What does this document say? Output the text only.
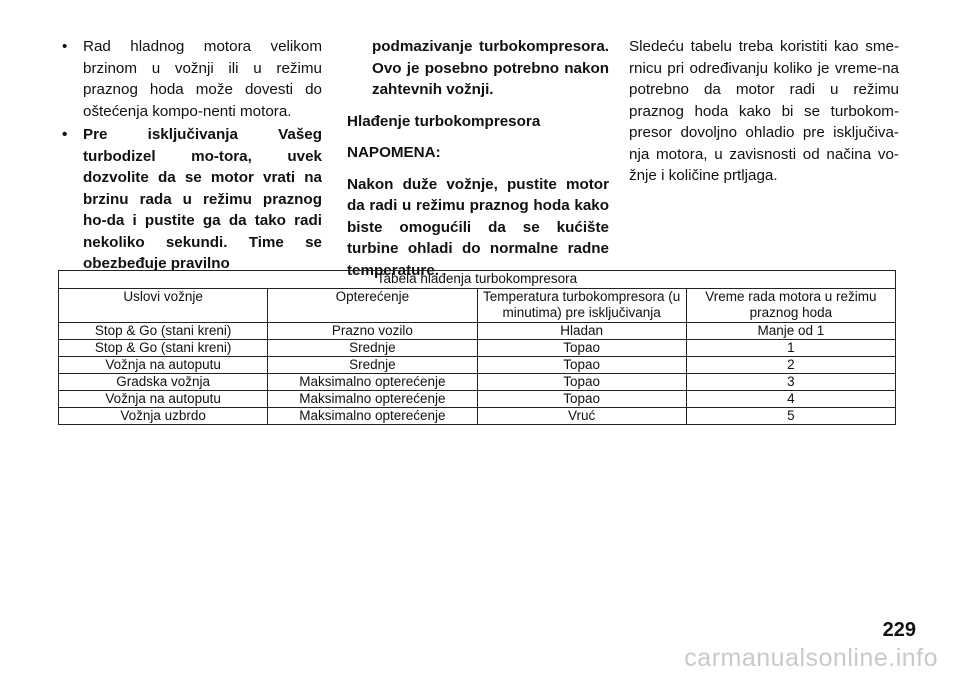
• Rad hladnog motora velikom brzinom u vožnji ili u režimu praznog hoda može dovesti do oštećenja kompo-nenti motora.
• Pre isključivanja Vašeg turbodizel mo-tora, uvek dozvolite da se motor vrati na brzinu rada u režimu praznog ho-da i pustite ga da tako radi nekoliko sekundi. Time se obezbeđuje pravilno
podmazivanje turbokompresora. Ovo je posebno potrebno nakon zahtevnih vožnji.
Hlađenje turbokompresora
NAPOMENA:
Nakon duže vožnje, pustite motor da radi u režimu praznog hoda kako biste omogućili da se kućište turbine ohladi do normalne radne temperature.
Sledeću tabelu treba koristiti kao sme-rnicu pri određivanju koliko je vreme-na potrebno da motor radi u režimu praznog hoda kako bi se turbokom-presor dovoljno ohladio pre isključiva-nja motora, u zavisnosti od načina vo-žnje i količine prtljaga.
Tabela hlađenja turbokompresora			
Uslovi vožnje	Opterećenje	Temperatura turbokompresora (u minutima) pre isključivanja	Vreme rada motora u režimu praznog hoda
Stop & Go (stani kreni)	Prazno vozilo	Hladan	Manje od 1
Stop & Go (stani kreni)	Srednje	Topao	1
Vožnja na autoputu	Srednje	Topao	2
Gradska vožnja	Maksimalno opterećenje	Topao	3
Vožnja na autoputu	Maksimalno opterećenje	Topao	4
Vožnja uzbrdo	Maksimalno opterećenje	Vruć	5
229
carmanualsonline.info
